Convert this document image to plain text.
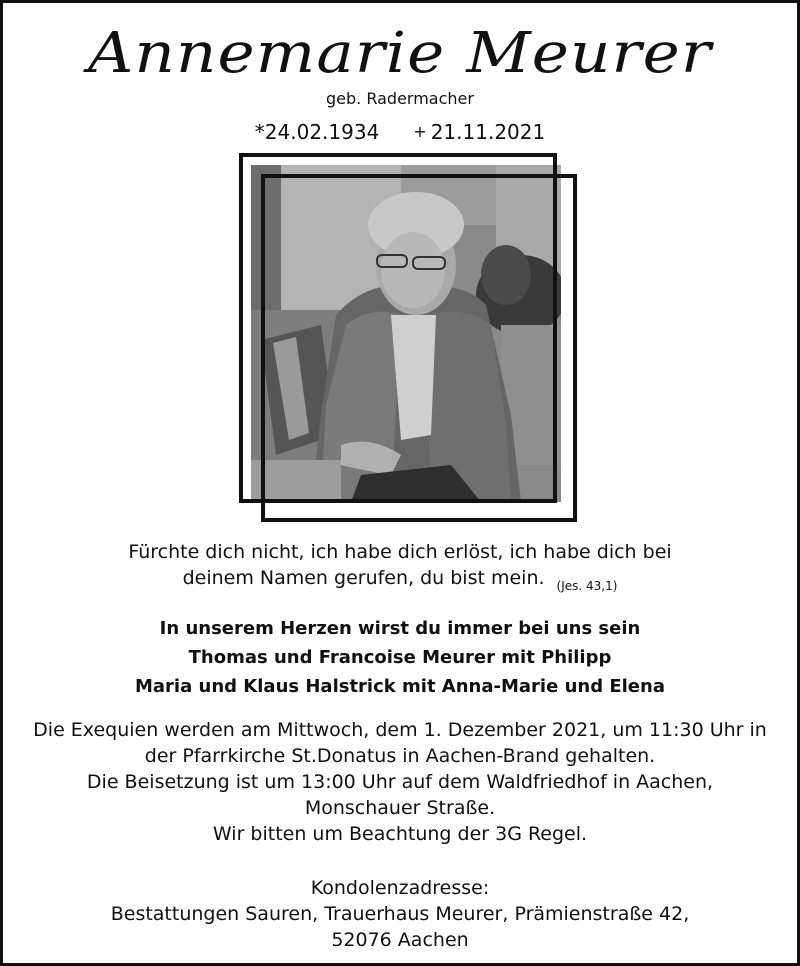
Annemarie Meurer
geb. Radermacher
*24.02.1934 + 21.11.2021
Fürchte dich nicht, ich habe dich erlöst, ich habe dich bei
deinem Namen gerufen, du bist mein. $_{(Jes. 43,1)}$
In unserem Herzen wirst du immer bei uns sein
Thomas und Francoise Meurer mit Philipp
Maria und Klaus Halstrick mit Anna-Marie und Elena
Die Exequien werden am Mittwoch, dem 1. Dezember 2021, um 11:30 Uhr in
der Pfarrkirche St.Donatus in Aachen-Brand gehalten.
Die Beisetzung ist um 13:00 Uhr auf dem Waldfriedhof in Aachen,
Monschauer Straße.
Wir bitten um Beachtung der 3G Regel.
Kondolenzadresse:
Bestattungen Sauren, Trauerhaus Meurer, Prämienstraße 42,
52076 Aachen
